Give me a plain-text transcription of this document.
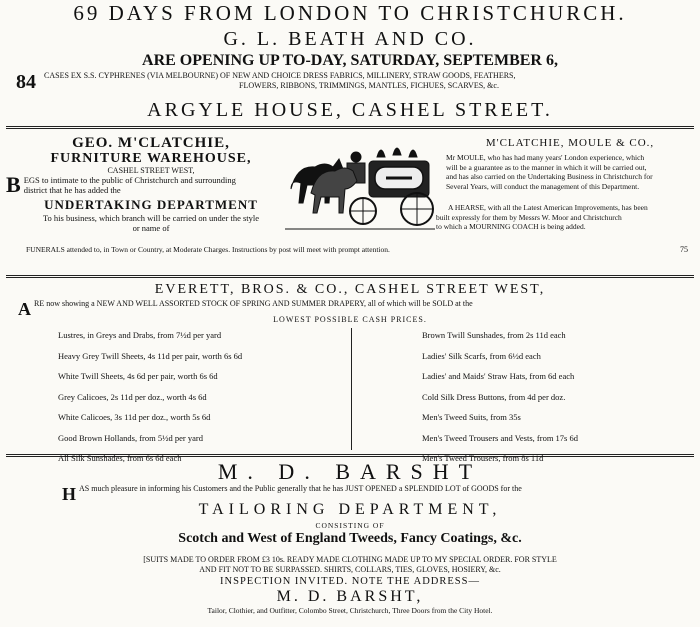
69 DAYS FROM LONDON TO CHRISTCHURCH.
G. L. BEATH AND CO.
ARE OPENING UP TO-DAY, SATURDAY, SEPTEMBER 6,
84 CASES EX S.S. CYPHRENES (VIA MELBOURNE) OF NEW AND CHOICE DRESS FABRICS, MILLINERY, STRAW GOODS, FEATHERS,
FLOWERS, RIBBONS, TRIMMINGS, MANTLES, FICHUES, SCARVES, &c.
ARGYLE HOUSE, CASHEL STREET.
GEO. M'CLATCHIE,
FURNITURE WAREHOUSE,
CASHEL STREET WEST,
B EGS to intimate to the public of Christchurch and surrounding
district that he has added the
UNDERTAKING DEPARTMENT
To his business, which branch will be carried on under the style
or name of
M'CLATCHIE, MOULE & CO.,
Mr MOULE, who has had many years' London experience, which
will be a guarantee as to the manner in which it will be carried out,
and has also carried on the Undertaking Business in Christchurch for
Several Years, will conduct the management of this Department.
A HEARSE, with all the Latest American Improvements, has been
built expressly for them by Messrs W. Moor and Christchurch
to which a MOURNING COACH is being added.
FUNERALS attended to, in Town or Country, at Moderate Charges. Instructions by post will meet with prompt attention.	75
EVERETT, BROS. & CO., CASHEL STREET WEST,
A RE now showing a NEW AND WELL ASSORTED STOCK OF SPRING AND SUMMER DRAPERY, all of which will be SOLD at the
LOWEST POSSIBLE CASH PRICES.
Lustres, in Greys and Drabs, from 7½d per yard
Heavy Grey Twill Sheets, 4s 11d per pair, worth 6s 6d
White Twill Sheets, 4s 6d per pair, worth 6s 6d
Grey Calicoes, 2s 11d per doz., worth 4s 6d
White Calicoes, 3s 11d per doz., worth 5s 6d
Good Brown Hollands, from 5½d per yard
All Silk Sunshades, from 6s 6d each
Brown Twill Sunshades, from 2s 11d each
Ladies' Silk Scarfs, from 6½d each
Ladies' and Maids' Straw Hats, from 6d each
Cold Silk Dress Buttons, from 4d per doz.
Men's Tweed Suits, from 35s
Men's Tweed Trousers and Vests, from 17s 6d
Men's Tweed Trousers, from 8s 11d
M. D. BARSHT
H AS much pleasure in informing his Customers and the Public generally that he has JUST OPENED a SPLENDID LOT of GOODS for the
TAILORING DEPARTMENT,
CONSISTING OF
Scotch and West of England Tweeds, Fancy Coatings, &c.
[SUITS MADE TO ORDER FROM £3 10s. READY MADE CLOTHING MADE UP TO MY SPECIAL ORDER. FOR STYLE
AND FIT NOT TO BE SURPASSED. SHIRTS, COLLARS, TIES, GLOVES, HOSIERY, &c.
INSPECTION INVITED. NOTE THE ADDRESS—
M. D. BARSHT,
Tailor, Clothier, and Outfitter, Colombo Street, Christchurch, Three Doors from the City Hotel.
